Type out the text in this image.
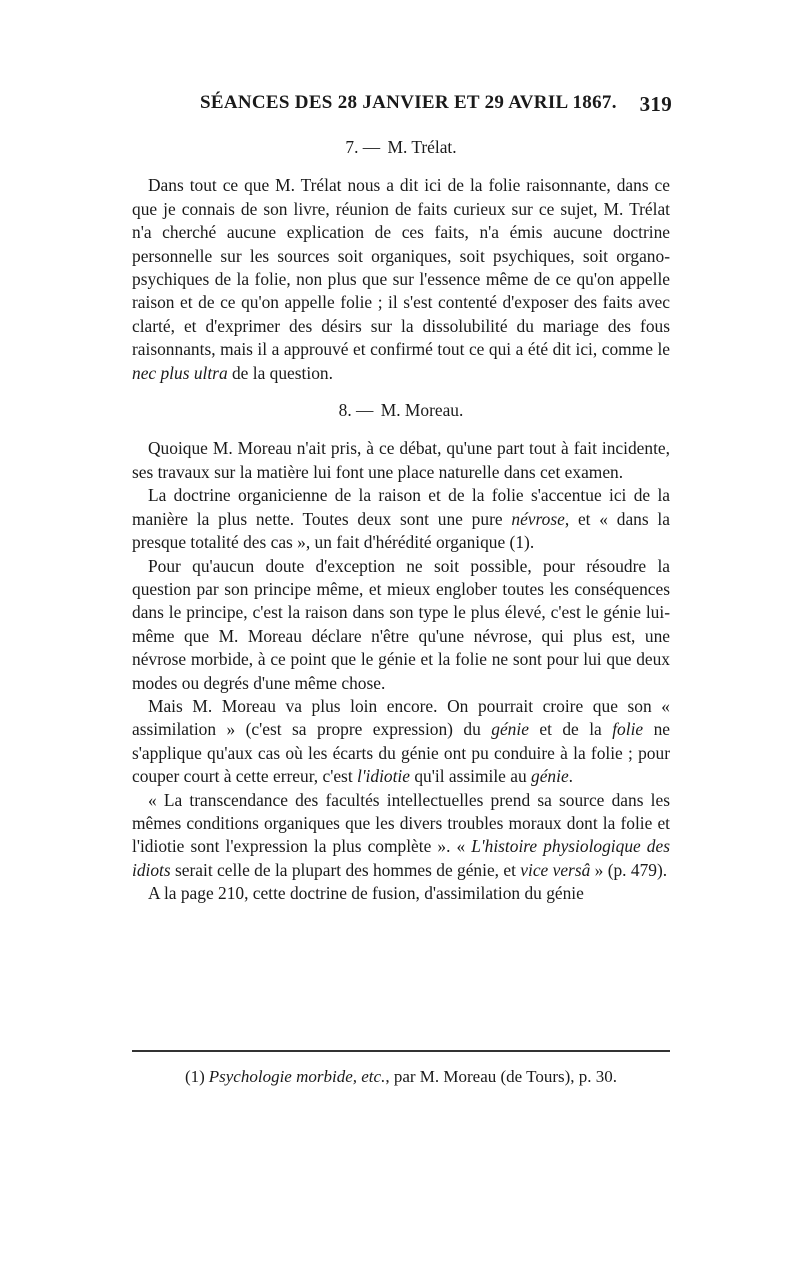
SÉANCES DES 28 JANVIER ET 29 AVRIL 1867. 319
7. — M. Trélat.

Dans tout ce que M. Trélat nous a dit ici de la folie raisonnante, dans ce que je connais de son livre, réunion de faits curieux sur ce sujet, M. Trélat n'a cherché aucune explication de ces faits, n'a émis aucune doctrine personnelle sur les sources soit organiques, soit psychiques, soit organo-psychiques de la folie, non plus que sur l'essence même de ce qu'on appelle raison et de ce qu'on appelle folie ; il s'est contenté d'exposer des faits avec clarté, et d'exprimer des désirs sur la dissolubilité du mariage des fous raisonnants, mais il a approuvé et confirmé tout ce qui a été dit ici, comme le nec plus ultra de la question.

8. — M. Moreau.

Quoique M. Moreau n'ait pris, à ce débat, qu'une part tout à fait incidente, ses travaux sur la matière lui font une place naturelle dans cet examen.

La doctrine organicienne de la raison et de la folie s'accentue ici de la manière la plus nette. Toutes deux sont une pure névrose, et « dans la presque totalité des cas », un fait d'hérédité organique (1).

Pour qu'aucun doute d'exception ne soit possible, pour résoudre la question par son principe même, et mieux englober toutes les conséquences dans le principe, c'est la raison dans son type le plus élevé, c'est le génie lui-même que M. Moreau déclare n'être qu'une névrose, qui plus est, une névrose morbide, à ce point que le génie et la folie ne sont pour lui que deux modes ou degrés d'une même chose.

Mais M. Moreau va plus loin encore. On pourrait croire que son « assimilation » (c'est sa propre expression) du génie et de la folie ne s'applique qu'aux cas où les écarts du génie ont pu conduire à la folie ; pour couper court à cette erreur, c'est l'idiotie qu'il assimile au génie.

« La transcendance des facultés intellectuelles prend sa source dans les mêmes conditions organiques que les divers troubles moraux dont la folie et l'idiotie sont l'expression la plus complète ». « L'histoire physiologique des idiots serait celle de la plupart des hommes de génie, et vice versâ » (p. 479).

A la page 210, cette doctrine de fusion, d'assimilation du génie

(1) Psychologie morbide, etc., par M. Moreau (de Tours), p. 30.
